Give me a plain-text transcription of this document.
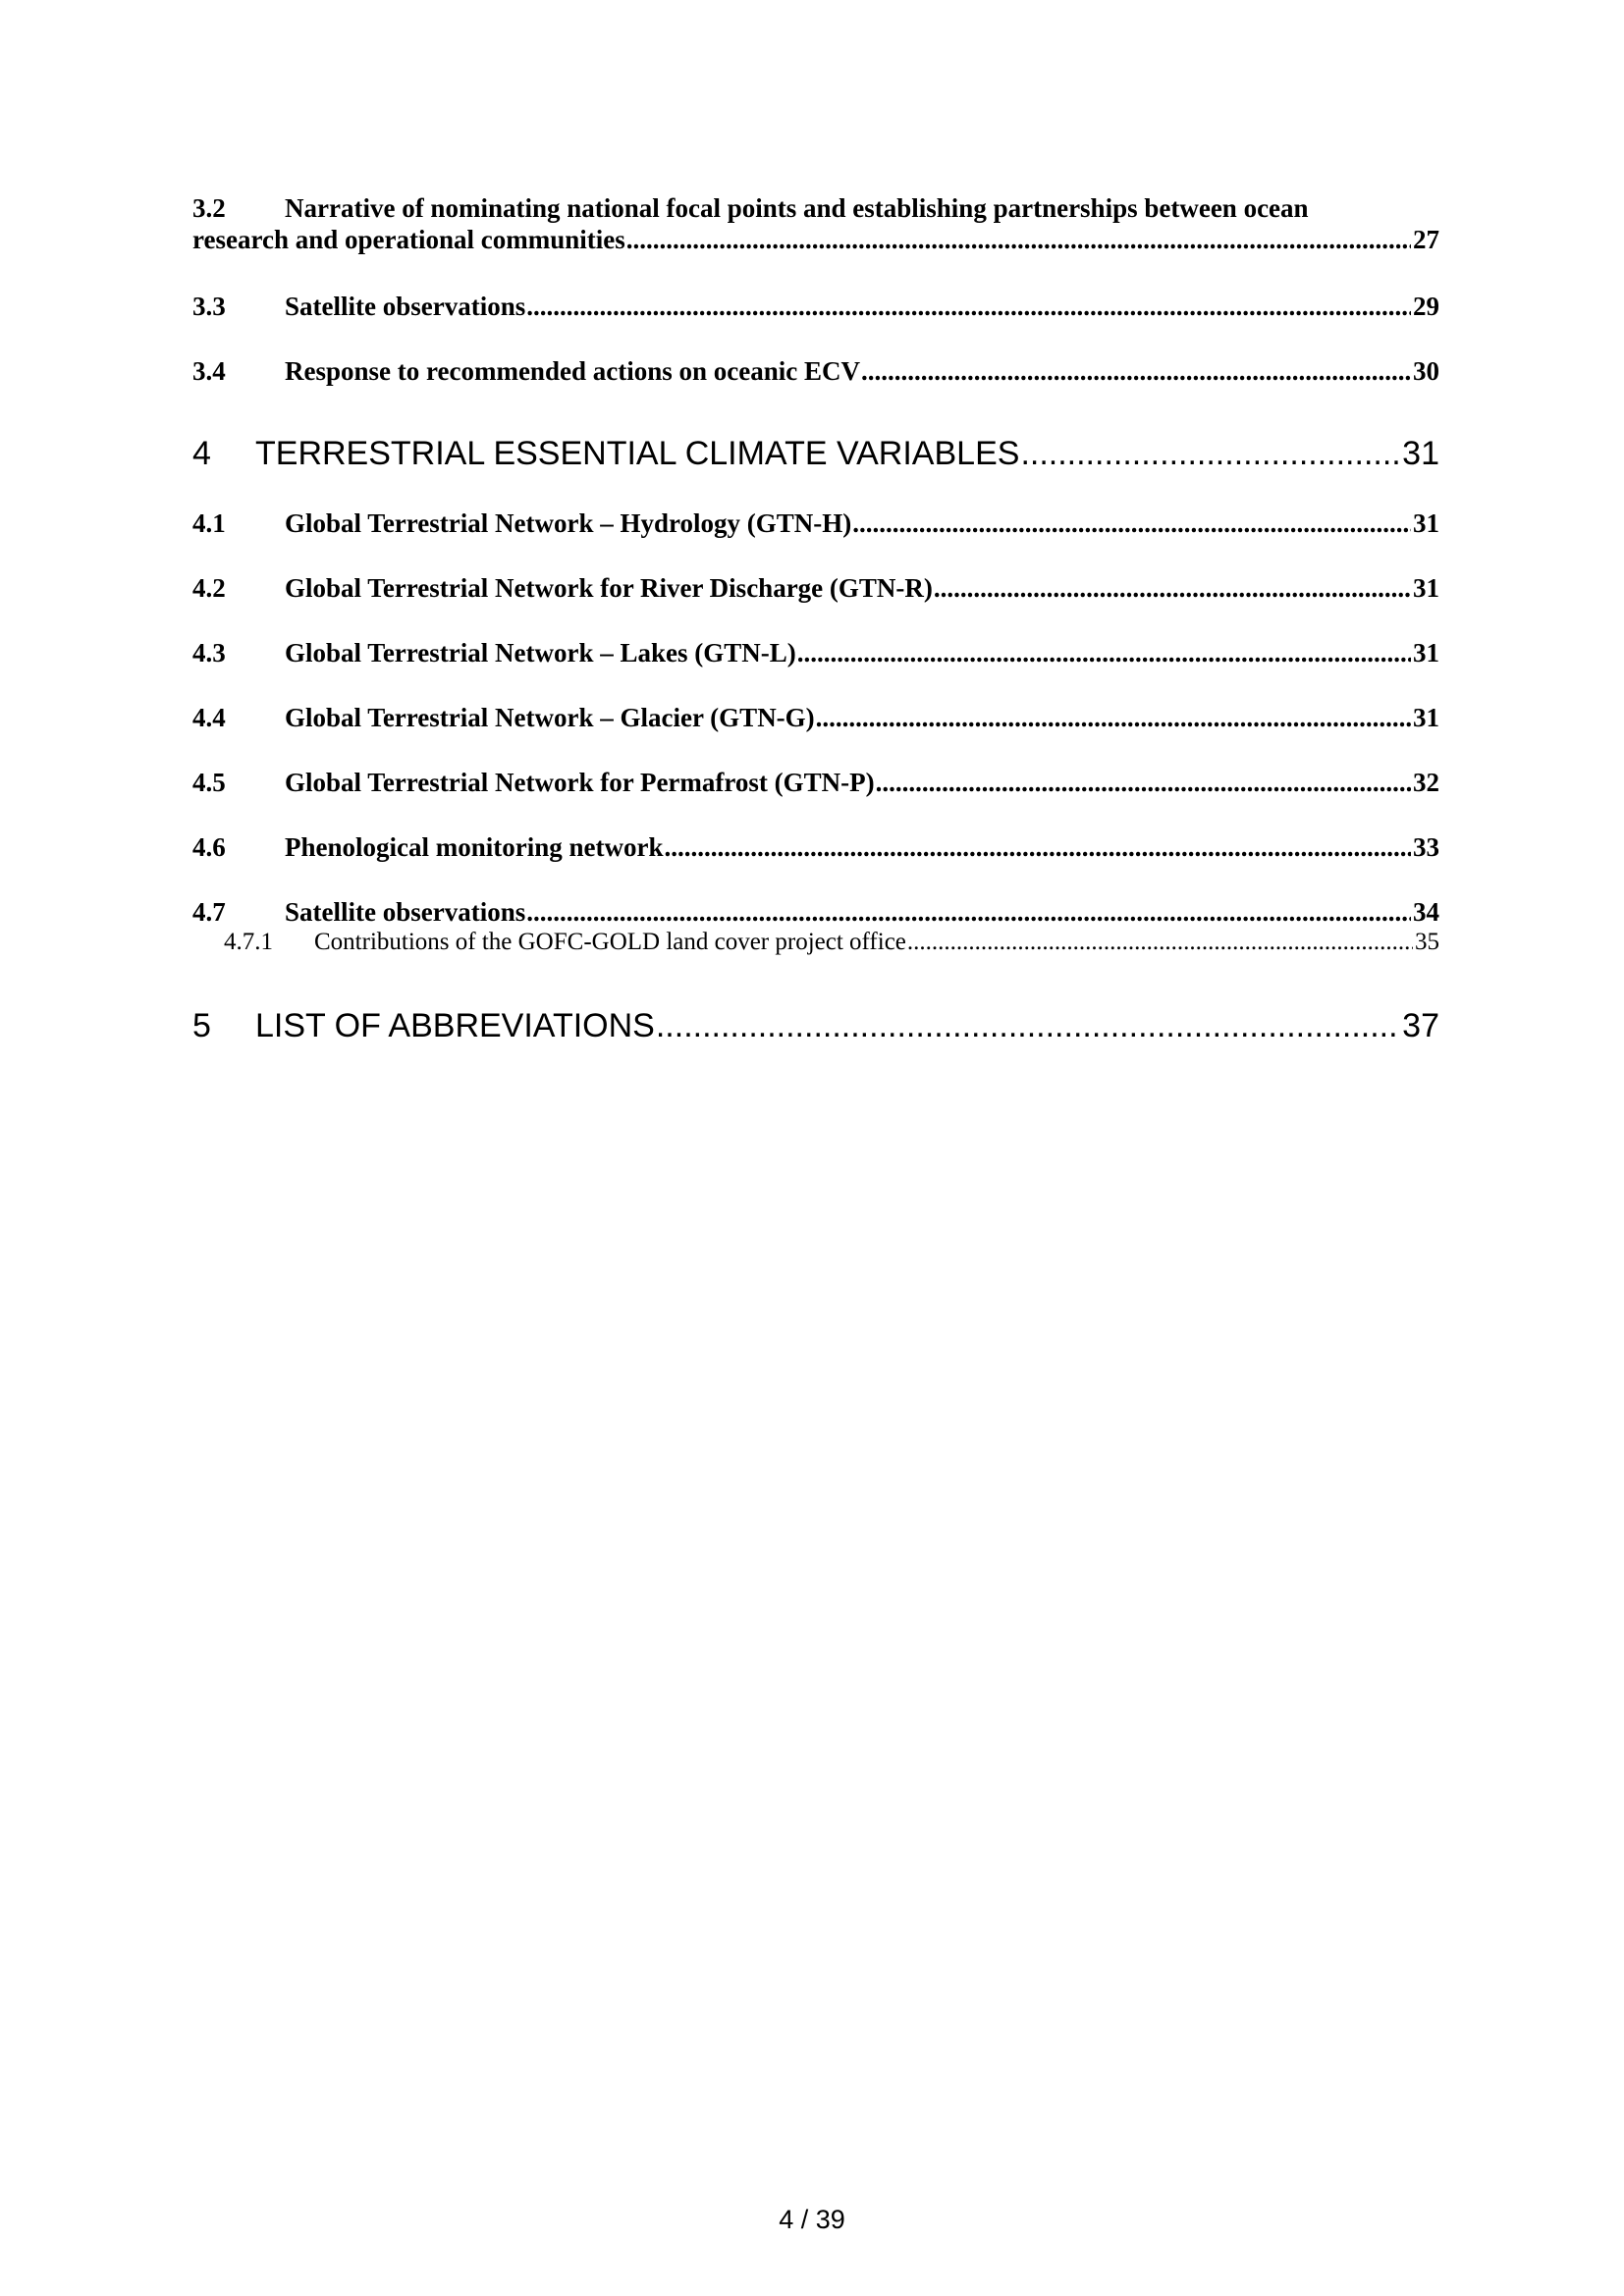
3.2	Narrative of nominating national focal points and establishing partnerships between ocean
research and operational communities .....	27
3.3	Satellite observations .....	29
3.4	Response to recommended actions on oceanic ECV .....	30
4	TERRESTRIAL ESSENTIAL CLIMATE VARIABLES .....	31
4.1	Global Terrestrial Network – Hydrology (GTN-H) .....	31
4.2	Global Terrestrial Network for River Discharge (GTN-R) .....	31
4.3	Global Terrestrial Network – Lakes (GTN-L) .....	31
4.4	Global Terrestrial Network – Glacier (GTN-G) .....	31
4.5	Global Terrestrial Network for Permafrost (GTN-P) .....	32
4.6	Phenological monitoring network .....	33
4.7	Satellite observations .....	34
4.7.1	Contributions of the GOFC-GOLD land cover project office .....	35
5	LIST OF ABBREVIATIONS .....	37
4 / 39
